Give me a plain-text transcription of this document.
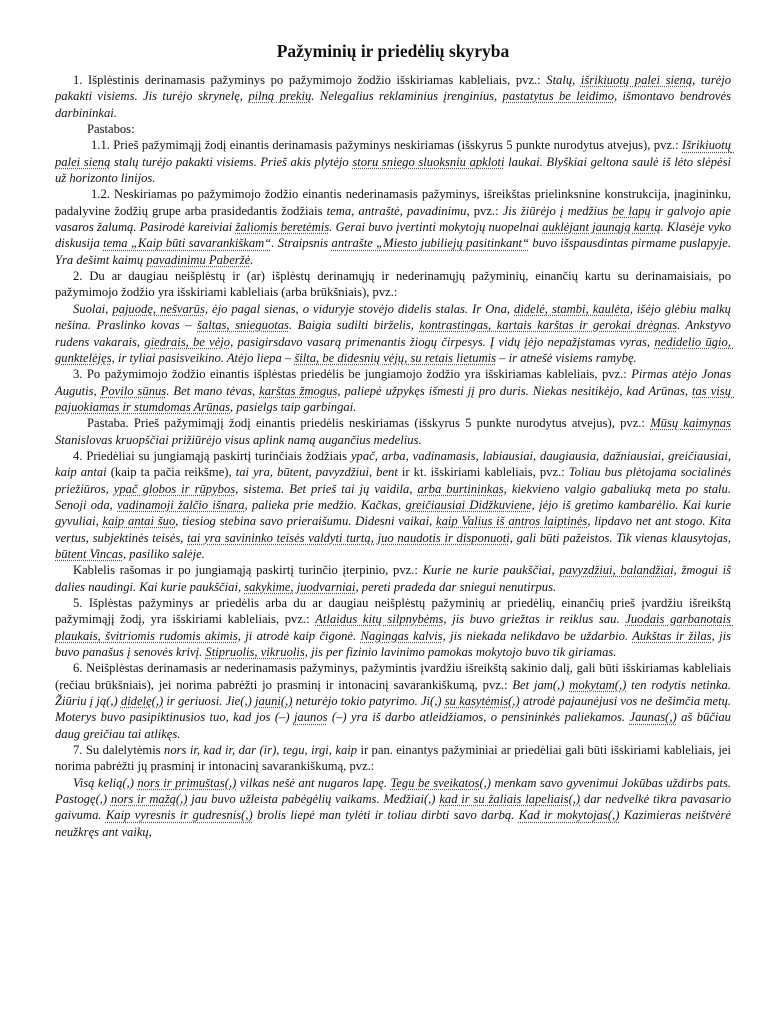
Pažyminių ir priedėlių skyryba

1. Išplėstinis derinamasis pažyminys po pažymimojo žodžio išskiriamas kableliais, pvz.: Stalų, išrikiuotų palei sieną, turėjo pakakti visiems. Jis turėjo skrynelę, pilną prekių. Nelegalius reklaminius įrenginius, pastatytus be leidimo, išmontavo bendrovės darbininkai.

Pastabos:

1.1. Prieš pažymimąjį žodį einantis derinamasis pažyminys neskiriamas (išskyrus 5 punkte nurodytus atvejus), pvz.: Išrikiuotų palei sieną stalų turėjo pakakti visiems. Prieš akis plytėjo storu sniego sluoksniu apkloti laukai. Blyškiai geltona saulė iš lėto slėpėsi už horizonto linijos.

1.2. Neskiriamas po pažymimojo žodžio einantis nederinamasis pažyminys, išreikštas prielinksnine konstrukcija, įnagininku, padalyvine žodžių grupe arba prasidedantis žodžiais tema, antraštė, pavadinimu, pvz.: Jis žiūrėjo į medžius be lapų ir galvojo apie vasaros žalumą. Pasirodė kareiviai žaliomis beretėmis. Gerai buvo įvertinti mokytojų nuopelnai auklėjant jaunąją kartą. Klasėje vyko diskusija tema „Kaip būti savarankiškam“. Straipsnis antrašte „Miesto jubiliejų pasitinkant“ buvo išspausdintas pirmame puslapyje. Yra dešimt kaimų pavadinimu Paberžė.

2. Du ar daugiau neišplėstų ir (ar) išplėstų derinamųjų ir nederinamųjų pažyminių, einančių kartu su derinamaisiais, po pažymimojo žodžio yra išskiriami kableliais (arba brūkšniais), pvz.:

Suolai, pajuodę, nešvarūs, ėjo pagal sienas, o viduryje stovėjo didelis stalas. Ir Ona, didelė, stambi, kaulėta, išėjo glėbiu malkų nešina. Praslinko kovas – šaltas, snieguotas. Baigia sudilti birželis, kontrastingas, kartais karštas ir gerokai drėgnas. Ankstyvo rudens vakarais, giedrais, be vėjo, pasigirsdavo vasarą primenantis žiogų čirpesys. Į vidų įėjo nepažįstamas vyras, nedidelio ūgio, gunktelėjęs, ir tyliai pasisveikino. Atėjo liepa – šilta, be didesnių vėjų, su retais lietumis – ir atnešė visiems ramybę.

3. Po pažymimojo žodžio einantis išplėstas priedėlis be jungiamojo žodžio yra išskiriamas kableliais, pvz.: Pirmas atėjo Jonas Augutis, Povilo sūnus. Bet mano tėvas, karštas žmogus, paliepė užpykęs išmesti jį pro duris. Niekas nesitikėjo, kad Arūnas, tas visų pajuokiamas ir stumdomas Arūnas, pasielgs taip garbingai.

Pastaba. Prieš pažymimąjį žodį einantis priedėlis neskiriamas (išskyrus 5 punkte nurodytus atvejus), pvz.: Mūsų kaimynas Stanislovas kruopščiai prižiūrėjo visus aplink namą augančius medelius.

4. Priedėliai su jungiamąją paskirtį turinčiais žodžiais ypač, arba, vadinamasis, labiausiai, daugiausia, dažniausiai, greičiausiai, kaip antai (kaip ta pačia reikšme), tai yra, būtent, pavyzdžiui, bent ir kt. išskiriami kableliais, pvz.: Toliau bus plėtojama socialinės priežiūros, ypač globos ir rūpybos, sistema. Bet prieš tai jų vaidila, arba burtininkas, kiekvieno valgio gabaliuką meta po stalu. Senoji oda, vadinamoji žalčio išnara, paliekа prie medžio. Kačkas, greičiausiai Didžkuviene, įėjo iš gretimo kambarėlio. Kai kurie gyvuliai, kaip antai šuo, tiesiog stebina savo prieraišumu. Didesni vaikai, kaip Valius iš antros laiptinės, lipdavo net ant stogo. Kita vertus, subjektinės teisės, tai yra savininko teisės valdyti turtą, juo naudotis ir disponuoti, gali būti pažeistos. Tik vienas klausytojas, būtent Vincas, pasiliko salėje.

Kablelis rašomas ir po jungiamąją paskirtį turinčio įterpinio, pvz.: Kurie ne kurie paukščiai, pavyzdžiui, balandžiai, žmogui iš dalies naudingi. Kai kurie paukščiai, sakykime, juodvarniai, pereti pradeda dar sniegui nenutirpus.

5. Išplėstas pažyminys ar priedėlis arba du ar daugiau neišplėstų pažyminių ar priedėlių, einančių prieš įvardžiu išreikštą pažymimąjį žodį, yra išskiriami kableliais, pvz.: Atlaidus kitų silpnybėms, jis buvo griežtas ir reiklus sau. Juodais garbanotais plaukais, švitriomis rudomis akimis, ji atrodė kaip čigonė. Nagingas kalvis, jis niekada nelikdavo be uždarbio. Aukštas ir žilas, jis buvo panašus į senovės krivį. Stipruolis, vikruolis, jis per fizinio lavinimo pamokas mokytojo buvo tik giriamas.

6. Neišplėstas derinamasis ar nederinamasis pažyminys, pažymintis įvardžiu išreikštą sakinio dalį, gali būti išskiriamas kableliais (rečiau brūkšniais), jei norima pabrėžti jo prasminį ir intonacinį savarankiškumą, pvz.: Bet jam(,) mokytam(,) ten rodytis netinka. Žiūriu į ją(,) didelę(,) ir geriuosi. Jie(,) jauni(,) neturėjo tokio patyrimo. Ji(,) su kasytėmis(,) atrodė pajaunėjusi vos ne dešimčia metų. Moterys buvo pasipiktinusios tuo, kad jos (–) jaunos (–) yra iš darbo atleidžiamos, o pensininkės paliekamos. Jaunas(,) aš būčiau daug greičiau tai atlikęs.

7. Su dalelytėmis nors ir, kad ir, dar (ir), tegu, irgi, kaip ir pan. einantys pažyminiai ar priedėliai gali būti išskiriami kableliais, jei norima pabrėžti jų prasminį ir intonacinį savarankiškumą, pvz.:

Visą kelią(,) nors ir primuštas(,) vilkas nešė ant nugaros lapę. Tegu be sveikatos(,) menkam savo gyvenimui Jokūbas uždirbs pats. Pastogę(,) nors ir mažą(,) jau buvo užleista pabėgėlių vaikams. Medžiai(,) kad ir su žaliais lapeliais(,) dar nedvelkė tikra pavasario gaivuma. Kaip vyresnis ir gudresnis(,) brolis liepė man tylėti ir toliau dirbti savo darbą. Kad ir mokytojas(,) Kazimieras neištvėrė neužkręs ant vaikų,
